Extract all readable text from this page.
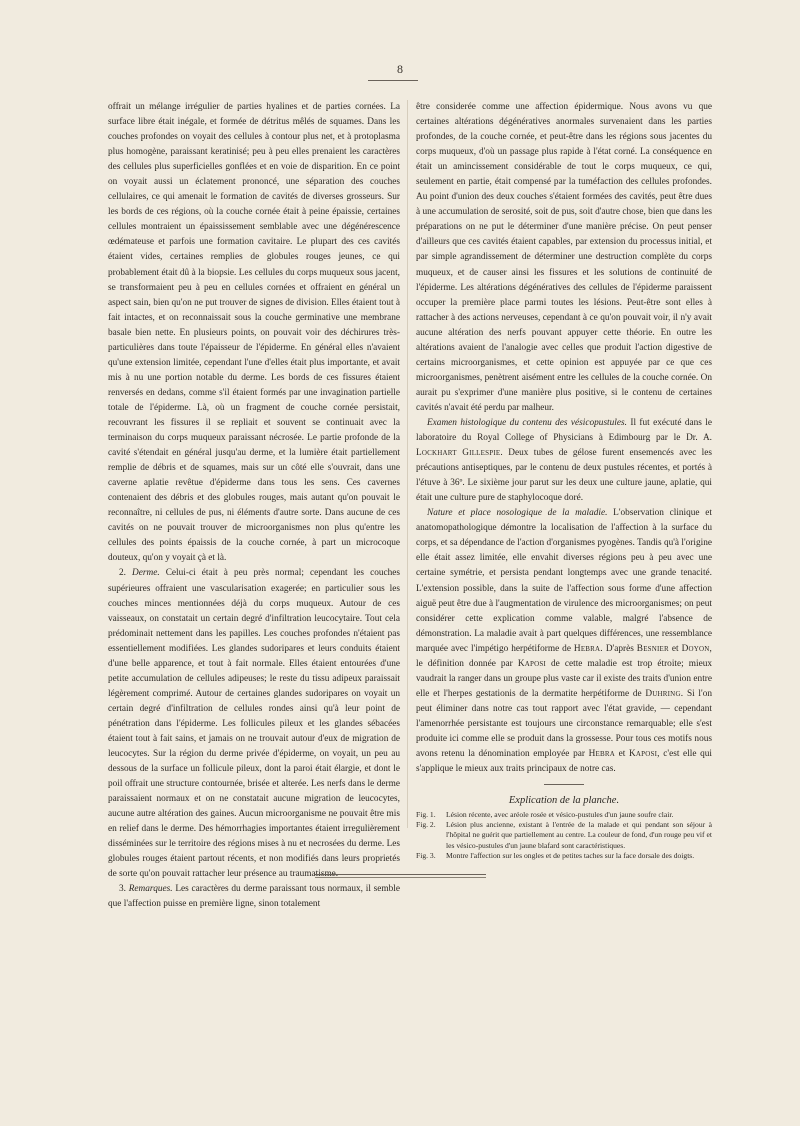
8

offrait un mélange irrégulier de parties hyalines et de parties cornées. La surface libre était inégale, et formée de détritus mêlés de squames. Dans les couches profondes on voyait des cellules à contour plus net, et à protoplasma plus homogène, paraissant keratinisé; peu à peu elles prenaient les caractères des cellules plus superficielles gonflées et en voie de disparition. En ce point on voyait aussi un éclatement prononcé, une séparation des couches cellulaires, ce qui amenait le formation de cavités de diverses grosseurs. Sur les bords de ces régions, où la couche cornée était à peine épaissie, certaines cellules montraient un épaississement semblable avec une dégénérescence œdémateuse et parfois une formation cavitaire. Le plupart des ces cavités étaient vides, certaines remplies de globules rouges jeunes, ce qui probablement était dû à la biopsie. Les cellules du corps muqueux sous jacent, se transformaient peu à peu en cellules cornées et offraient en général un aspect sain, bien qu'on ne put trouver de signes de division. Elles étaient tout à fait intactes, et on reconnaissait sous la couche germinative une membrane basale bien nette. En plusieurs points, on pouvait voir des déchirures très-particulières dans toute l'épaisseur de l'épiderme. En général elles n'avaient qu'une extension limitée, cependant l'une d'elles était plus importante, et avait mis à nu une portion notable du derme. Les bords de ces fissures étaient renversés en dedans, comme s'il étaient formés par une invagination partielle totale de l'épiderme. Là, où un fragment de couche cornée persistait, recouvrant les fissures il se repliait et souvent se continuait avec la terminaison du corps muqueux paraissant nécrosée. Le partie profonde de la cavité s'étendait en général jusqu'au derme, et la lumière était partiellement remplie de débris et de squames, mais sur un côté elle s'ouvrait, dans une caverne aplatie revêtue d'épiderme dans tous les sens. Ces cavernes contenaient des débris et des globules rouges, mais autant qu'on pouvait le reconnaître, ni cellules de pus, ni éléments d'autre sorte. Dans aucune de ces cavités on ne pouvait trouver de microorganismes non plus qu'entre les cellules des points épaissis de la couche cornée, à part un microcoque douteux, qu'on y voyait çà et là.

2. Derme. Celui-ci était à peu près normal; cependant les couches supérieures offraient une vascularisation exagerée; en particulier sous les couches minces mentionnées déjà du corps muqueux. Autour de ces vaisseaux, on constatait un certain degré d'infiltration leucocytaire. Tout cela prédominait nettement dans les papilles. Les couches profondes n'étaient pas essentiellement modifiées. Les glandes sudoripares et leurs conduits étaient d'une belle apparence, et tout à fait normale. Elles étaient entourées d'une petite accumulation de cellules adipeuses; le reste du tissu adipeux paraissait légèrement comprimé. Autour de certaines glandes sudoripares on voyait un certain degré d'infiltration de cellules rondes ainsi qu'à leur point de pénétration dans l'épiderme. Les follicules pileux et les glandes sébacées étaient tout à fait sains, et jamais on ne trouvait autour d'eux de migration de leucocytes. Sur la région du derme privée d'épiderme, on voyait, un peu au dessous de la surface un follicule pileux, dont la paroi était élargie, et dont le poil offrait une structure contournée, brisée et alterée. Les nerfs dans le derme paraissaient normaux et on ne constatait aucune migration de leucocytes, aucune autre altération des gaines. Aucun microorganisme ne pouvait être mis en relief dans le derme. Des hémorrhagies importantes étaient irregulièrement disséminées sur le territoire des régions mises à nu et necrosées du derme. Les globules rouges étaient partout récents, et non modifiés dans leurs proprietés de sorte qu'on pouvait rattacher leur présence au traumatisme.

3. Remarques. Les caractères du derme paraissant tous normaux, il semble que l'affection puisse en première ligne, sinon totalement

être considerée comme une affection épidermique. Nous avons vu que certaines altérations dégénératives anormales survenaient dans les parties profondes, de la couche cornée, et peut-être dans les régions sous jacentes du corps muqueux, d'où un passage plus rapide à l'état corné. La conséquence en était un amincissement considérable de tout le corps muqueux, ce qui, seulement en partie, était compensé par la tuméfaction des cellules profondes. Au point d'union des deux couches s'étaient formées des cavités, peut être dues à une accumulation de serosité, soit de pus, soit d'autre chose, bien que dans les préparations on ne put le déterminer d'une manière précise. On peut penser d'ailleurs que ces cavités étaient capables, par extension du processus initial, et par simple agrandissement de déterminer une destruction complète du corps muqueux, et de causer ainsi les fissures et les solutions de continuité de l'épiderme. Les altérations dégénératives des cellules de l'épiderme paraissent occuper la première place parmi toutes les lésions. Peut-être sont elles à rattacher à des actions nerveuses, cependant à ce qu'on pouvait voir, il n'y avait aucune altération des nerfs pouvant appuyer cette théorie. En outre les altérations avaient de l'analogie avec celles que produit l'action digestive de certains microorganismes, et cette opinion est appuyée par ce que ces microorganismes, penètrent aisément entre les cellules de la couche cornée. On aurait pu s'exprimer d'une manière plus positive, si le contenu de certaines cavités n'avait été perdu par malheur.

Examen histologique du contenu des vésicopustules. Il fut exécuté dans le laboratoire du Royal College of Physicians à Edimbourg par le Dr. A. Lockhart Gillespie. Deux tubes de gélose furent ensemencés avec les précautions antiseptiques, par le contenu de deux pustules récentes, et portés à l'étuve à 36º. Le sixième jour parut sur les deux une culture jaune, aplatie, qui était une culture pure de staphylocoque doré.

Nature et place nosologique de la maladie. L'observation clinique et anatomopathologique démontre la localisation de l'affection à la surface du corps, et sa dépendance de l'action d'organismes pyogènes. Tandis qu'à l'origine elle était assez limitée, elle envahit diverses régions peu à peu avec une certaine symétrie, et persista pendant longtemps avec une grande tenacité. L'extension possible, dans la suite de l'affection sous forme d'une affection aiguë peut être due à l'augmentation de virulence des microorganismes; on peut considérer cette explication comme valable, malgré l'absence de démonstration. La maladie avait à part quelques différences, une ressemblance marquée avec l'impétigo herpétiforme de Hebra. D'après Besnier et Doyon, le définition donnée par Kaposi de cette maladie est trop étroite; mieux vaudrait la ranger dans un groupe plus vaste car il existe des traits d'union entre elle et l'herpes gestationis de la dermatite herpétiforme de Duhring. Si l'on peut éliminer dans notre cas tout rapport avec l'état gravide, — cependant l'amenorrhée persistante est toujours une circonstance remarquable; elle s'est produite ici comme elle se produit dans la grossesse. Pour tous ces motifs nous avons retenu la dénomination employée par Hebra et Kaposi, c'est elle qui s'applique le mieux aux traits principaux de notre cas.

Explication de la planche.
Fig. 1.	Lésion récente, avec aréole rosée et vésico-pustules d'un jaune soufre clair.
Fig. 2.	Lésion plus ancienne, existant à l'entrée de la malade et qui pendant son séjour à l'hôpital ne guérit que partiellement au centre. La couleur de fond, d'un rouge peu vif et les vésico-pustules d'un jaune blafard sont caractéristiques.
Fig. 3.	Montre l'affection sur les ongles et de petites taches sur la face dorsale des doigts.
